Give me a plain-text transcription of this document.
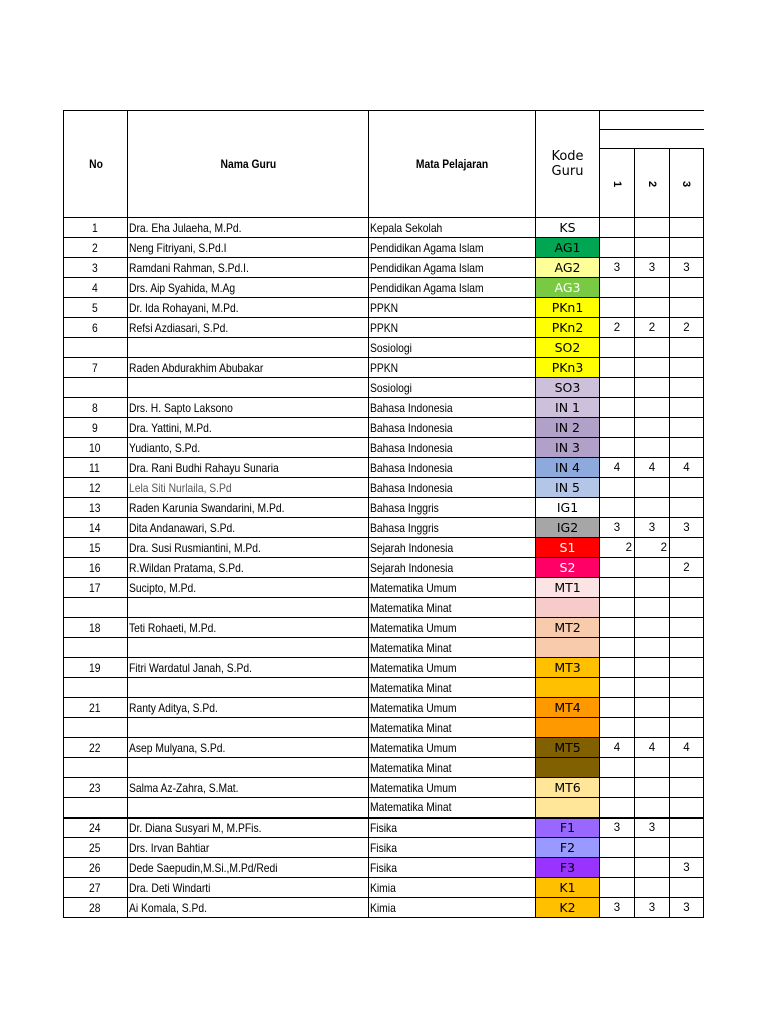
No	Nama Guru	Mata Pelajaran	Kode Guru			

				1	2	3
1	Dra. Eha Julaeha, M.Pd.	Kepala Sekolah	KS			
2	Neng Fitriyani, S.Pd.I	Pendidikan Agama Islam	AG1			
3	Ramdani Rahman, S.Pd.I.	Pendidikan Agama Islam	AG2	3	3	3
4	Drs. Aip Syahida, M.Ag	Pendidikan Agama Islam	AG3			
5	Dr. Ida Rohayani, M.Pd.	PPKN	PKn1			
6	Refsi Azdiasari, S.Pd.	PPKN	PKn2	2	2	2
		Sosiologi	SO2			
7	Raden Abdurakhim Abubakar	PPKN	PKn3			
		Sosiologi	SO3			
8	Drs. H. Sapto Laksono	Bahasa Indonesia	IN 1			
9	Dra. Yattini, M.Pd.	Bahasa Indonesia	IN 2			
10	Yudianto, S.Pd.	Bahasa Indonesia	IN 3			
11	Dra. Rani Budhi Rahayu Sunaria	Bahasa Indonesia	IN 4	4	4	4
12	Lela Siti Nurlaila, S.Pd	Bahasa Indonesia	IN 5			
13	Raden Karunia Swandarini, M.Pd.	Bahasa Inggris	IG1			
14	Dita Andanawari, S.Pd.	Bahasa Inggris	IG2	3	3	3
15	Dra. Susi Rusmiantini, M.Pd.	Sejarah Indonesia	S1	2	2	
16	R.Wildan Pratama, S.Pd.	Sejarah Indonesia	S2			2
17	Sucipto, M.Pd.	Matematika Umum	MT1			
		Matematika Minat				
18	Teti Rohaeti, M.Pd.	Matematika Umum	MT2			
		Matematika Minat				
19	Fitri Wardatul Janah, S.Pd.	Matematika Umum	MT3			
		Matematika Minat				
21	Ranty Aditya, S.Pd.	Matematika Umum	MT4			
		Matematika Minat				
22	Asep Mulyana, S.Pd.	Matematika Umum	MT5	4	4	4
		Matematika Minat				
23	Salma Az-Zahra, S.Mat.	Matematika Umum	MT6			
		Matematika Minat				
24	Dr. Diana Susyari M, M.PFis.	Fisika	F1	3	3	
25	Drs. Irvan Bahtiar	Fisika	F2			
26	Dede Saepudin,M.Si.,M.Pd/Redi	Fisika	F3			3
27	Dra. Deti Windarti	Kimia	K1			
28	Ai Komala, S.Pd.	Kimia	K2	3	3	3
